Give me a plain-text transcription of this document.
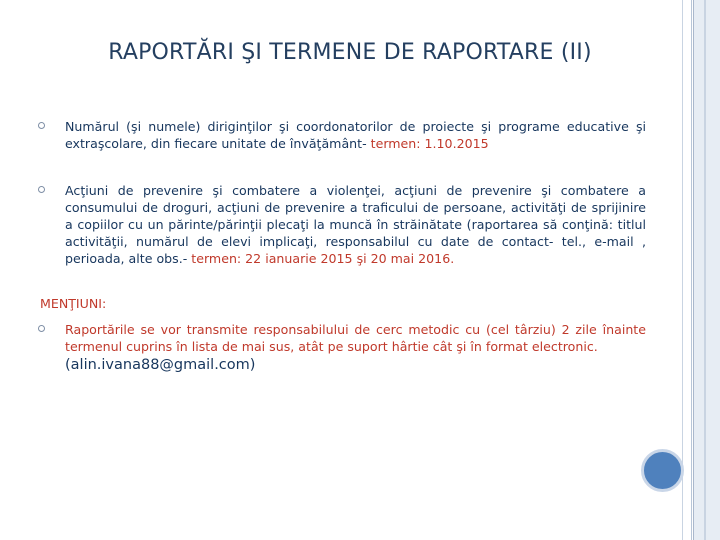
RAPORTĂRI ŞI TERMENE DE RAPORTARE (II)
Numărul (şi numele) diriginţilor şi coordonatorilor de proiecte şi programe educative şi extraşcolare, din fiecare unitate de învăţământ- termen: 1.10.2015
Acţiuni de prevenire şi combatere a violenţei, acţiuni de prevenire şi combatere a consumului de droguri, acţiuni de prevenire a traficului de persoane, activităţi de sprijinire a copiilor cu un părinte/părinţii plecaţi la muncă în străinătate (raportarea să conţină: titlul activităţii, numărul de elevi implicaţi, responsabilul cu date de contact- tel., e-mail , perioada, alte obs.- termen: 22 ianuarie 2015 şi 20 mai 2016.
MENŢIUNI:
Raportările se vor transmite responsabilului de cerc metodic cu (cel târziu) 2 zile înainte termenul cuprins în lista de mai sus, atât pe suport hârtie cât şi în format electronic.
(alin.ivana88@gmail.com)
